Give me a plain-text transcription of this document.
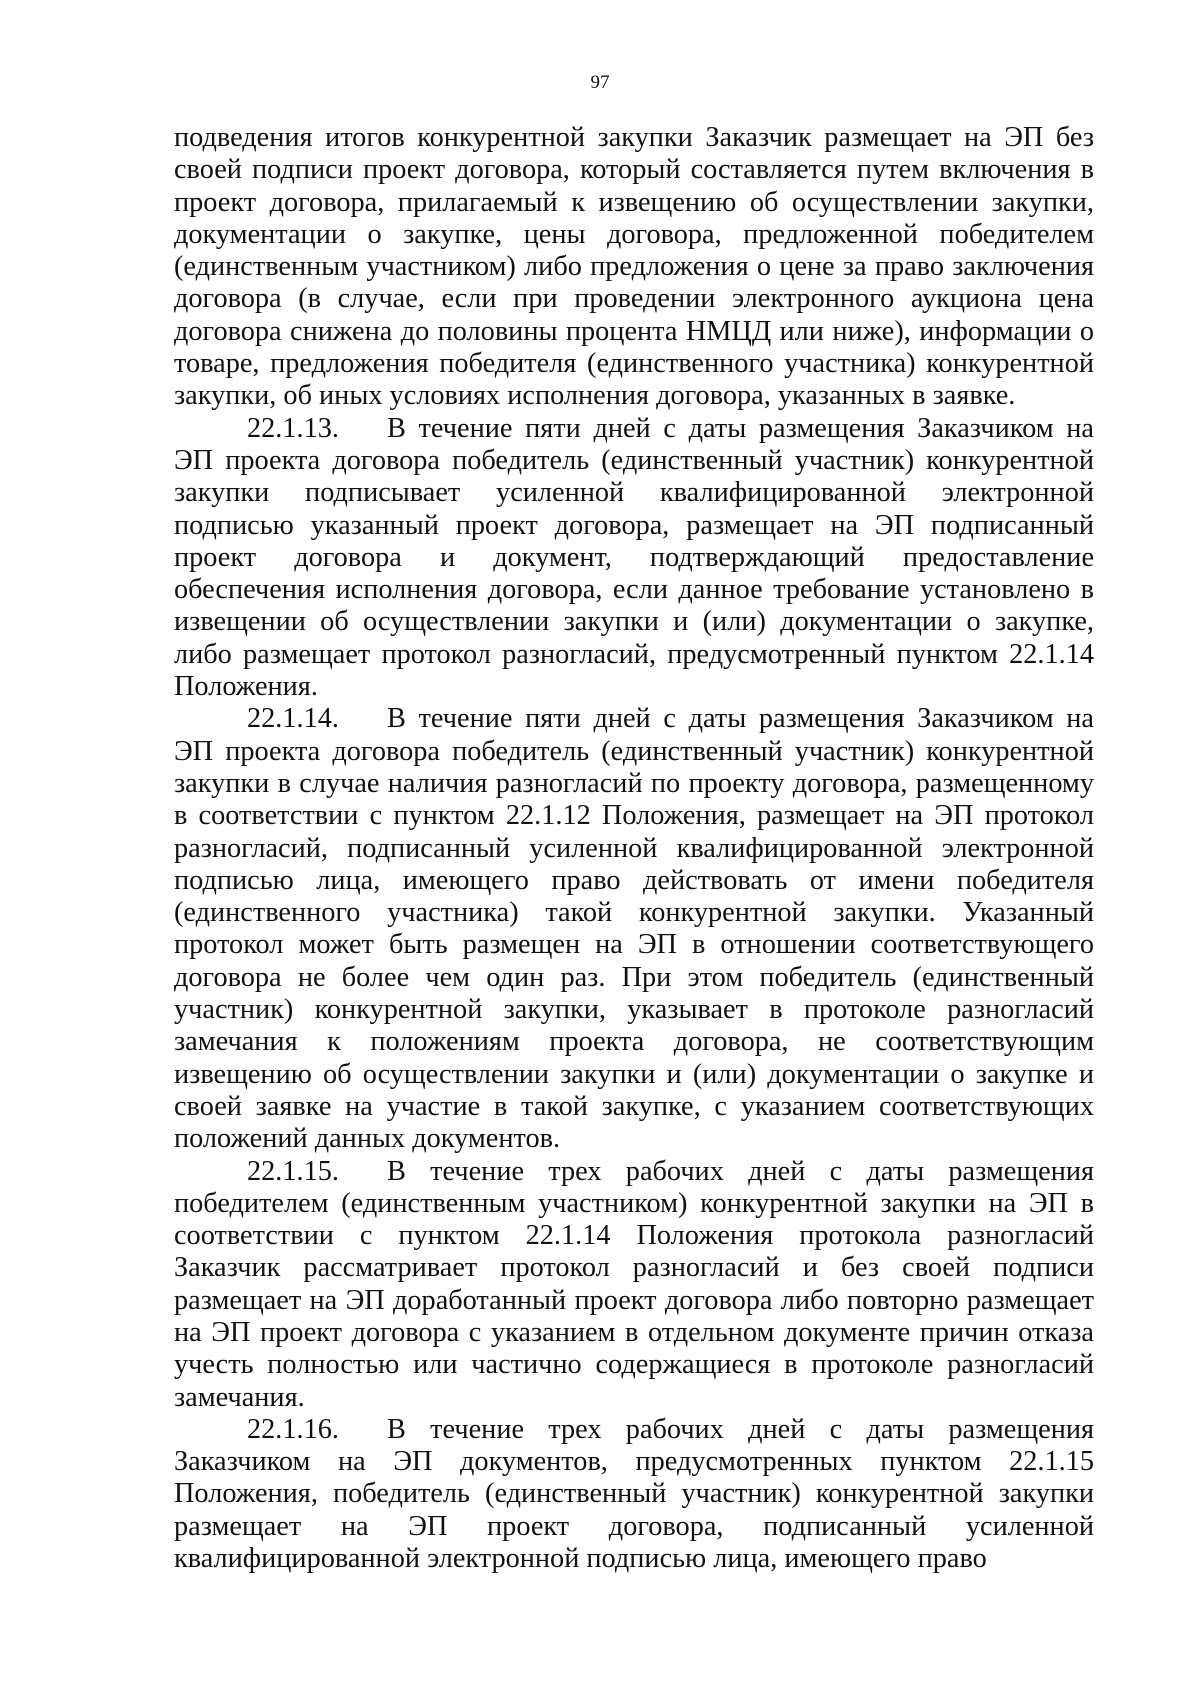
97

подведения итогов конкурентной закупки Заказчик размещает на ЭП без своей подписи проект договора, который составляется путем включения в проект договора, прилагаемый к извещению об осуществлении закупки, документации о закупке, цены договора, предложенной победителем (единственным участником) либо предложения о цене за право заключения договора (в случае, если при проведении электронного аукциона цена договора снижена до половины процента НМЦД или ниже), информации о товаре, предложения победителя (единственного участника) конкурентной закупки, об иных условиях исполнения договора, указанных в заявке.

22.1.13. В течение пяти дней с даты размещения Заказчиком на ЭП проекта договора победитель (единственный участник) конкурентной закупки подписывает усиленной квалифицированной электронной подписью указанный проект договора, размещает на ЭП подписанный проект договора и документ, подтверждающий предоставление обеспечения исполнения договора, если данное требование установлено в извещении об осуществлении закупки и (или) документации о закупке, либо размещает протокол разногласий, предусмотренный пунктом 22.1.14 Положения.

22.1.14. В течение пяти дней с даты размещения Заказчиком на ЭП проекта договора победитель (единственный участник) конкурентной закупки в случае наличия разногласий по проекту договора, размещенному в соответствии с пунктом 22.1.12 Положения, размещает на ЭП протокол разногласий, подписанный усиленной квалифицированной электронной подписью лица, имеющего право действовать от имени победителя (единственного участника) такой конкурентной закупки. Указанный протокол может быть размещен на ЭП в отношении соответствующего договора не более чем один раз. При этом победитель (единственный участник) конкурентной закупки, указывает в протоколе разногласий замечания к положениям проекта договора, не соответствующим извещению об осуществлении закупки и (или) документации о закупке и своей заявке на участие в такой закупке, с указанием соответствующих положений данных документов.

22.1.15. В течение трех рабочих дней с даты размещения победителем (единственным участником) конкурентной закупки на ЭП в соответствии с пунктом 22.1.14 Положения протокола разногласий Заказчик рассматривает протокол разногласий и без своей подписи размещает на ЭП доработанный проект договора либо повторно размещает на ЭП проект договора с указанием в отдельном документе причин отказа учесть полностью или частично содержащиеся в протоколе разногласий замечания.

22.1.16. В течение трех рабочих дней с даты размещения Заказчиком на ЭП документов, предусмотренных пунктом 22.1.15 Положения, победитель (единственный участник) конкурентной закупки размещает на ЭП проект договора, подписанный усиленной квалифицированной электронной подписью лица, имеющего право
